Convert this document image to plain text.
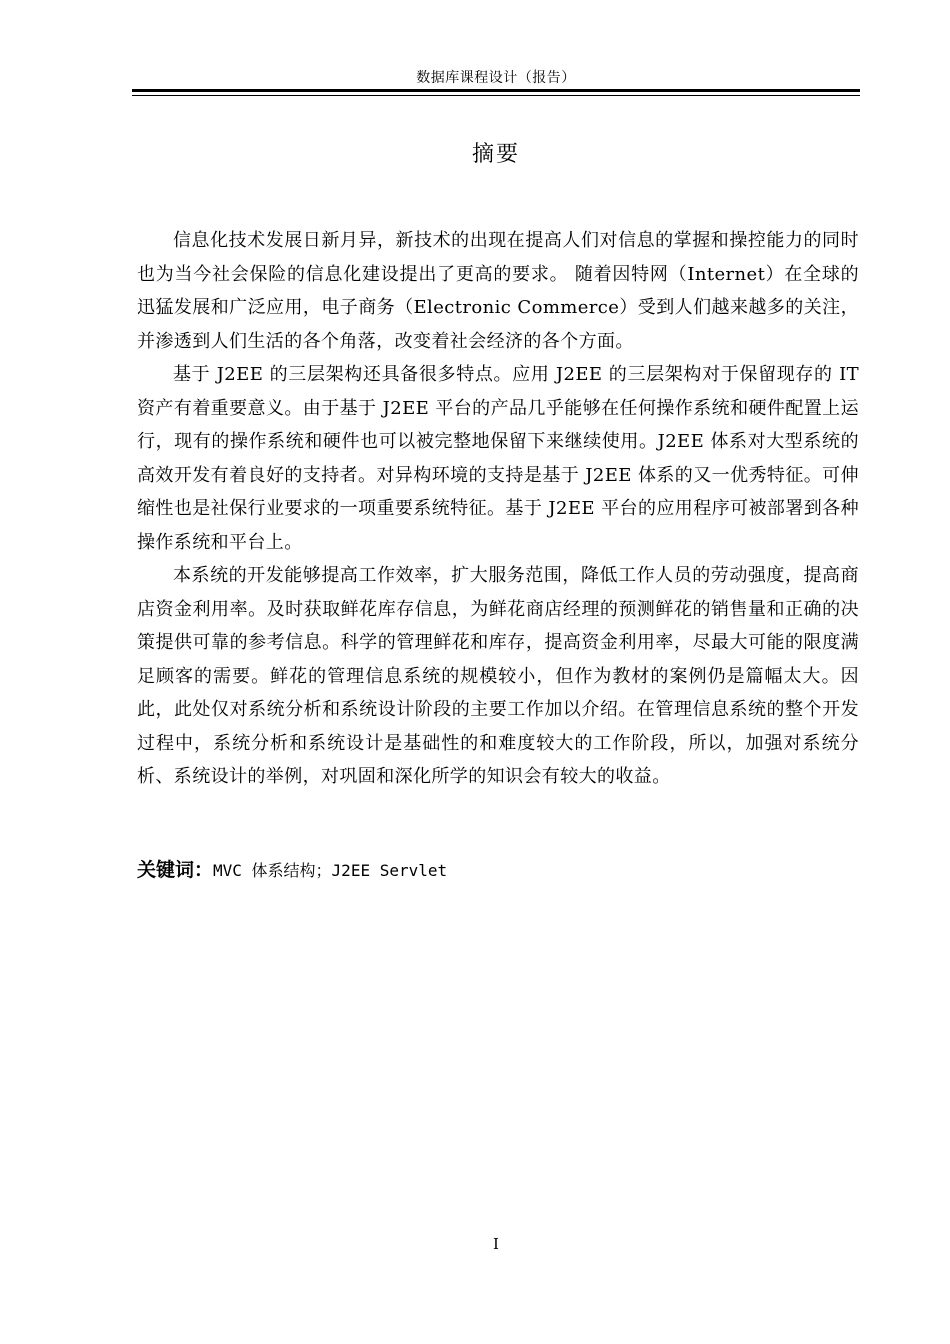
数据库课程设计（报告）
摘要

信息化技术发展日新月异，新技术的出现在提高人们对信息的掌握和操控能力的同时也为当今社会保险的信息化建设提出了更高的要求。 随着因特网（Internet）在全球的迅猛发展和广泛应用，电子商务（Electronic Commerce）受到人们越来越多的关注，并渗透到人们生活的各个角落，改变着社会经济的各个方面。

基于 J2EE 的三层架构还具备很多特点。应用 J2EE 的三层架构对于保留现存的 IT 资产有着重要意义。由于基于 J2EE 平台的产品几乎能够在任何操作系统和硬件配置上运行，现有的操作系统和硬件也可以被完整地保留下来继续使用。J2EE 体系对大型系统的高效开发有着良好的支持者。对异构环境的支持是基于 J2EE 体系的又一优秀特征。可伸缩性也是社保行业要求的一项重要系统特征。基于 J2EE 平台的应用程序可被部署到各种操作系统和平台上。

本系统的开发能够提高工作效率，扩大服务范围，降低工作人员的劳动强度，提高商店资金利用率。及时获取鲜花库存信息，为鲜花商店经理的预测鲜花的销售量和正确的决策提供可靠的参考信息。科学的管理鲜花和库存，提高资金利用率，尽最大可能的限度满足顾客的需要。鲜花的管理信息系统的规模较小，但作为教材的案例仍是篇幅太大。因此，此处仅对系统分析和系统设计阶段的主要工作加以介绍。在管理信息系统的整个开发过程中，系统分析和系统设计是基础性的和难度较大的工作阶段，所以，加强对系统分析、系统设计的举例，对巩固和深化所学的知识会有较大的收益。

关键词：MVC 体系结构；J2EE Servlet
I
